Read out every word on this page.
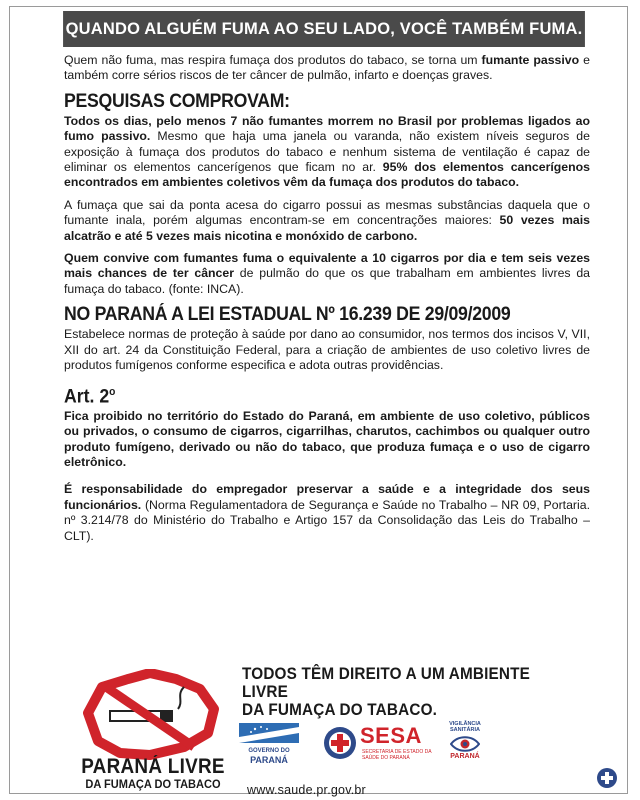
QUANDO ALGUÉM FUMA AO SEU LADO, VOCÊ TAMBÉM FUMA.

Quem não fuma, mas respira fumaça dos produtos do tabaco, se torna um fumante passivo e também corre sérios riscos de ter câncer de pulmão, infarto e doenças graves.

PESQUISAS COMPROVAM:

Todos os dias, pelo menos 7 não fumantes morrem no Brasil por problemas ligados ao fumo passivo. Mesmo que haja uma janela ou varanda, não existem níveis seguros de exposição à fumaça dos produtos do tabaco e nenhum sistema de ventilação é capaz de eliminar os elementos cancerígenos que ficam no ar. 95% dos elementos cancerígenos encontrados em ambientes coletivos vêm da fumaça dos produtos do tabaco.

A fumaça que sai da ponta acesa do cigarro possui as mesmas substâncias daquela que o fumante inala, porém algumas encontram-se em concentrações maiores: 50 vezes mais alcatrão e até 5 vezes mais nicotina e monóxido de carbono.

Quem convive com fumantes fuma o equivalente a 10 cigarros por dia e tem seis vezes mais chances de ter câncer de pulmão do que os que trabalham em ambientes livres da fumaça do tabaco. (fonte: INCA).

NO PARANÁ A LEI ESTADUAL Nº 16.239 DE 29/09/2009

Estabelece normas de proteção à saúde por dano ao consumidor, nos termos dos incisos V, VII, XII do art. 24 da Constituição Federal, para a criação de ambientes de uso coletivo livres de produtos fumígenos conforme especifica e adota outras providências.

Art. 2$^o$

Fica proibido no território do Estado do Paraná, em ambiente de uso coletivo, públicos ou privados, o consumo de cigarros, cigarrilhas, charutos, cachimbos ou qualquer outro produto fumígeno, derivado ou não do tabaco, que produza fumaça e o uso de cigarro eletrônico.

É responsabilidade do empregador preservar a saúde e a integridade dos seus funcionários. (Norma Regulamentadora de Segurança e Saúde no Trabalho – NR 09, Portaria. nº 3.214/78 do Ministério do Trabalho e Artigo 157 da Consolidação das Leis do Trabalho – CLT).

PARANÁ LIVRE
DA FUMAÇA DO TABACO
TODOS TÊM DIREITO A UM AMBIENTE LIVRE
DA FUMAÇA DO TABACO.
GOVERNO DO
PARANÁ
SESA
SECRETARIA DE ESTADO DA SAÚDE DO PARANÁ
VIGILÂNCIA SANITÁRIA
PARANÁ
www.saude.pr.gov.br
